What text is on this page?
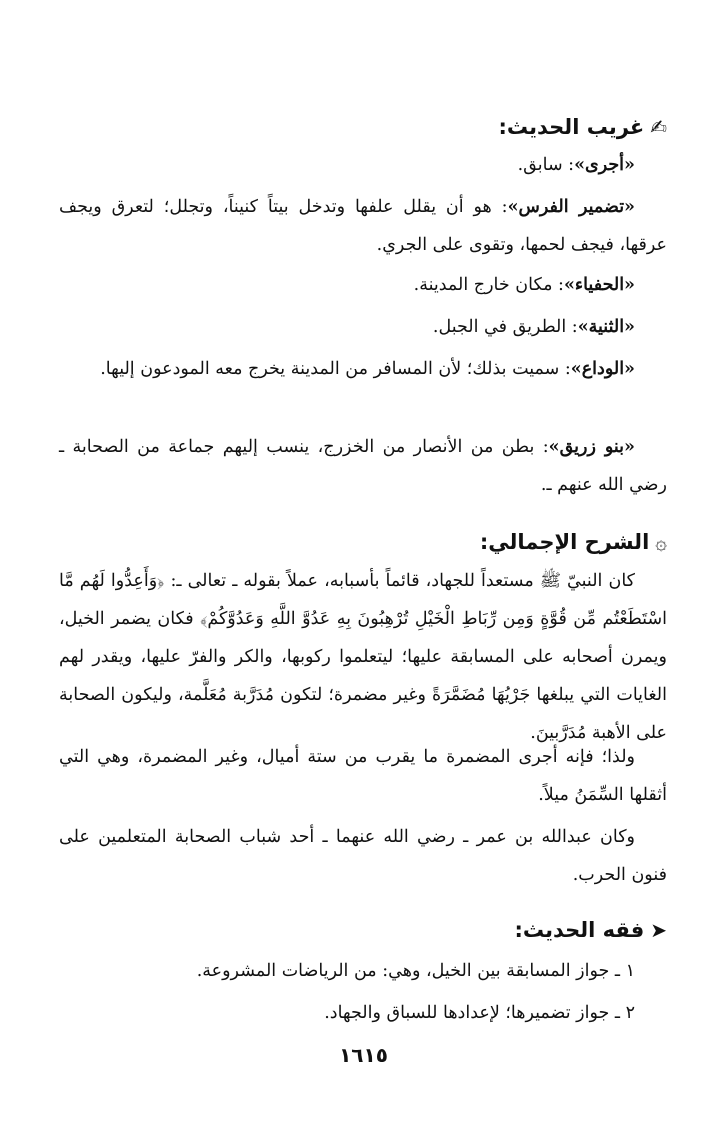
✍غريب الحديث:
«أجرى»: سابق.
«تضمير الفرس»: هو أن يقلل علفها وتدخل بيتاً كنيناً، وتجلل؛ لتعرق ويجف عرقها، فيجف لحمها، وتقوى على الجري.
«الحفياء»: مكان خارج المدينة.
«الثنية»: الطريق في الجبل.
«الوداع»: سميت بذلك؛ لأن المسافر من المدينة يخرج معه المودعون إليها.
«بنو زريق»: بطن من الأنصار من الخزرج، ينسب إليهم جماعة من الصحابة ـ رضي الله عنهم ـ.
۞الشرح الإجمالي:
كان النبيّ ﷺ مستعداً للجهاد، قائماً بأسبابه، عملاً بقوله ـ تعالى ـ: ﴿وَأَعِدُّوا لَهُم مَّا اسْتَطَعْتُم مِّن قُوَّةٍ وَمِن رِّبَاطِ الْخَيْلِ تُرْهِبُونَ بِهِ عَدُوَّ اللَّهِ وَعَدُوَّكُمْ﴾ فكان يضمر الخيل، ويمرن أصحابه على المسابقة عليها؛ ليتعلموا ركوبها، والكر والفرّ عليها، ويقدر لهم الغايات التي يبلغها جَرْيُهَا مُضَمَّرَةً وغير مضمرة؛ لتكون مُدَرَّبة مُعَلَّمة، وليكون الصحابة على الأهبة مُدَرَّبينَ.
ولذا؛ فإنه أجرى المضمرة ما يقرب من ستة أميال، وغير المضمرة، وهي التي أثقلها السِّمَنُ ميلاً.
وكان عبدالله بن عمر ـ رضي الله عنهما ـ أحد شباب الصحابة المتعلمين على فنون الحرب.
➤فقه الحديث:
١ ـ جواز المسابقة بين الخيل، وهي: من الرياضات المشروعة.
٢ ـ جواز تضميرها؛ لإعدادها للسباق والجهاد.
١٦١٥
